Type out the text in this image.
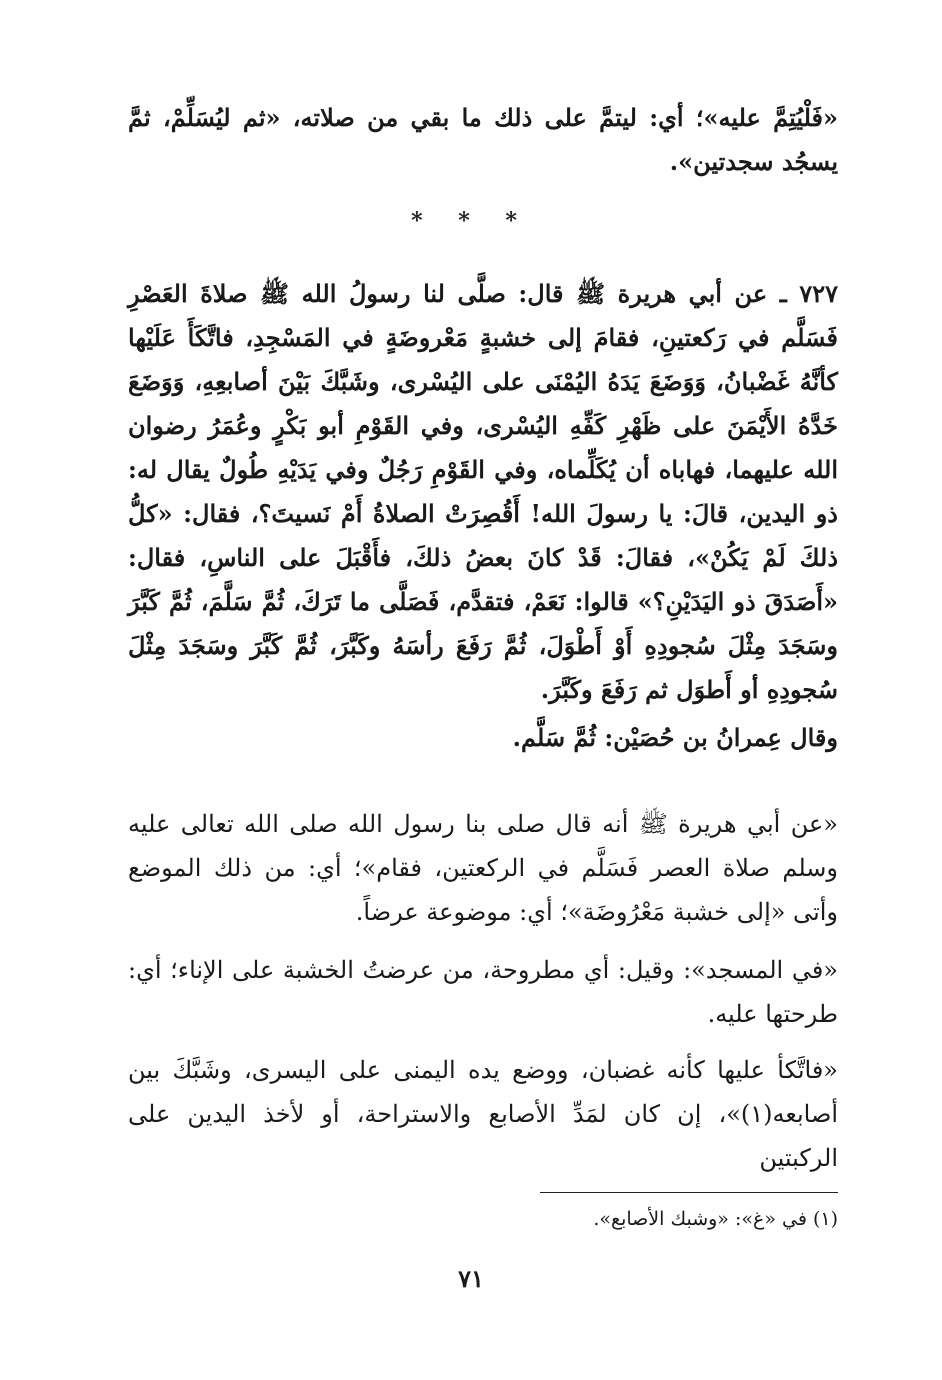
«فَلْيُتِمَّ عليه»؛ أي: ليتمَّ على ذلك ما بقي من صلاته، «ثم ليُسَلِّمْ، ثمَّ يسجُد سجدتين».

* * *

٧٢٧ ـ عن أبي هريرة ﷺ قال: صلَّى لنا رسولُ الله ﷺ صلاةَ العَصْرِ فَسَلَّم في رَكعتينِ، فقامَ إلى خشبةٍ مَعْروضَةٍ في المَسْجِدِ، فاتَّكَأَ عَلَيْها كأنَّهُ غَضْبانُ، وَوَضَعَ يَدَهُ اليُمْنَى على اليُسْرى، وشَبَّكَ بَيْنَ أصابعِهِ، وَوَضَعَ خَدَّهُ الأَيْمَنَ على ظَهْرِ كَفِّهِ اليُسْرى، وفي القَوْمِ أبو بَكْرٍ وعُمَرُ رضوان الله عليهما، فهاباه أن يُكَلِّماه، وفي القَوْمِ رَجُلٌ وفي يَدَيْهِ طُولٌ يقال له: ذو اليدين، قالَ: يا رسولَ الله! أَقُصِرَتْ الصلاةُ أَمْ نَسيتَ؟، فقال: «كلُّ ذلكَ لَمْ يَكُنْ»، فقالَ: قَدْ كانَ بعضُ ذلكَ، فأَقْبَلَ على الناسِ، فقال: «أَصَدَقَ ذو اليَدَيْنِ؟» قالوا: نَعَمْ، فتقدَّم، فَصَلَّى ما تَرَكَ، ثُمَّ سَلَّمَ، ثُمَّ كَبَّرَ وسَجَدَ مِثْلَ سُجودِهِ أَوْ أَطْوَلَ، ثُمَّ رَفَعَ رأسَهُ وكَبَّرَ، ثُمَّ كَبَّرَ وسَجَدَ مِثْلَ سُجودِهِ أو أَطوَل ثم رَفَعَ وكَبَّرَ.

وقال عِمرانُ بن حُصَيْن: ثُمَّ سَلَّم.

«عن أبي هريرة ﷺ أنه قال صلى بنا رسول الله صلى الله تعالى عليه وسلم صلاة العصر فَسَلَّم في الركعتين، فقام»؛ أي: من ذلك الموضع وأتى «إلى خشبة مَعْرُوضَة»؛ أي: موضوعة عرضاً.

«في المسجد»: وقيل: أي مطروحة، من عرضتُ الخشبة على الإناء؛ أي: طرحتها عليه.

«فاتَّكأ عليها كأنه غضبان، ووضع يده اليمنى على اليسرى، وشَبَّكَ بين أصابعه(١)»، إن كان لمَدِّ الأصابع والاستراحة، أو لأخذ اليدين على الركبتين

(١) في «غ»: «وشبك الأصابع».

٧١
